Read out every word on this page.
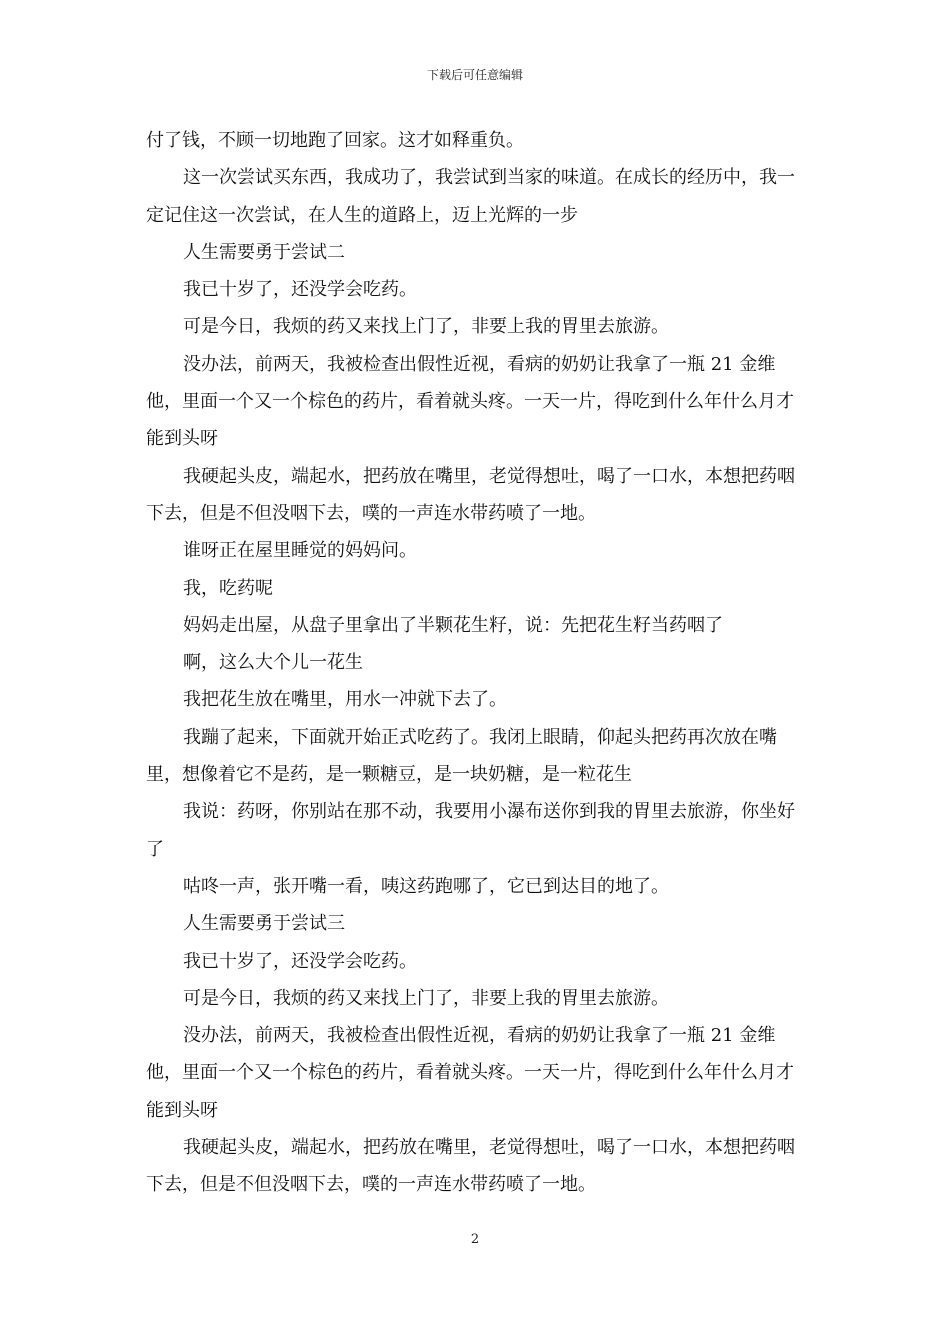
下载后可任意编辑

付了钱，不顾一切地跑了回家。这才如释重负。

这一次尝试买东西，我成功了，我尝试到当家的味道。在成长的经历中，我一定记住这一次尝试，在人生的道路上，迈上光辉的一步

人生需要勇于尝试二

我已十岁了，还没学会吃药。

可是今日，我烦的药又来找上门了，非要上我的胃里去旅游。

没办法，前两天，我被检查出假性近视，看病的奶奶让我拿了一瓶 21 金维他，里面一个又一个棕色的药片，看着就头疼。一天一片，得吃到什么年什么月才能到头呀

我硬起头皮，端起水，把药放在嘴里，老觉得想吐，喝了一口水，本想把药咽下去，但是不但没咽下去，噗的一声连水带药喷了一地。

谁呀正在屋里睡觉的妈妈问。

我，吃药呢

妈妈走出屋，从盘子里拿出了半颗花生籽，说：先把花生籽当药咽了

啊，这么大个儿一花生

我把花生放在嘴里，用水一冲就下去了。

我蹦了起来，下面就开始正式吃药了。我闭上眼睛，仰起头把药再次放在嘴里，想像着它不是药，是一颗糖豆，是一块奶糖，是一粒花生

我说：药呀，你别站在那不动，我要用小瀑布送你到我的胃里去旅游，你坐好了

咕咚一声，张开嘴一看，咦这药跑哪了，它已到达目的地了。

人生需要勇于尝试三

我已十岁了，还没学会吃药。

可是今日，我烦的药又来找上门了，非要上我的胃里去旅游。

没办法，前两天，我被检查出假性近视，看病的奶奶让我拿了一瓶 21 金维他，里面一个又一个棕色的药片，看着就头疼。一天一片，得吃到什么年什么月才能到头呀

我硬起头皮，端起水，把药放在嘴里，老觉得想吐，喝了一口水，本想把药咽下去，但是不但没咽下去，噗的一声连水带药喷了一地。

2
